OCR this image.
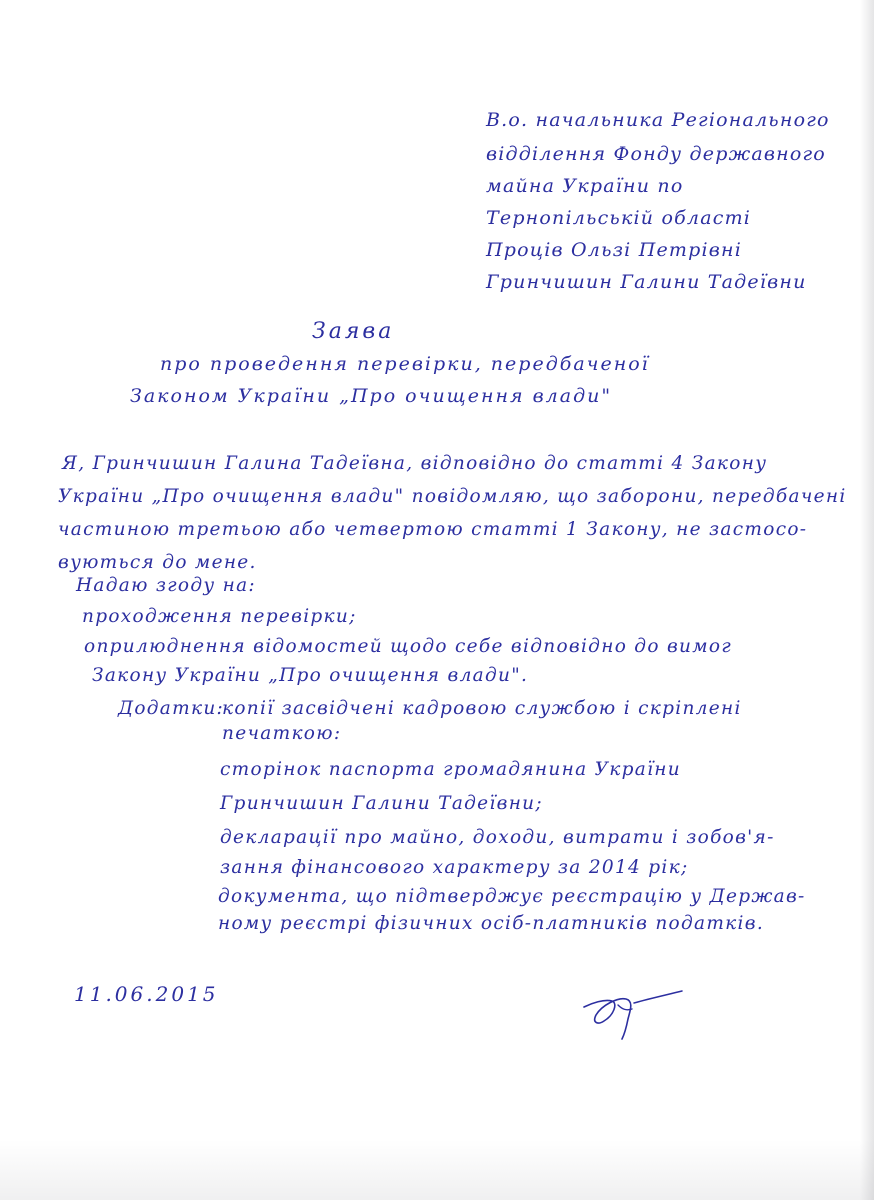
В.о. начальника Регіонального
відділення Фонду державного
майна України по
Тернопільській області
Проців Ользі Петрівні
Гринчишин Галини Тадеївни
Заява
про проведення перевірки, передбаченої
Законом України „Про очищення влади"
Я, Гринчишин Галина Тадеївна, відповідно до статті 4 Закону
України „Про очищення влади" повідомляю, що заборони, передбачені
частиною третьою або четвертою статті 1 Закону, не застосо-
вуються до мене.
Надаю згоду на:
проходження перевірки;
оприлюднення відомостей щодо себе відповідно до вимог
Закону України „Про очищення влади".
Додатки:
копії засвідчені кадровою службою і скріплені
печаткою:
сторінок паспорта громадянина України
Гринчишин Галини Тадеївни;
декларації про майно, доходи, витрати і зобов'я-
зання фінансового характеру за 2014 рік;
документа, що підтверджує реєстрацію у Держав-
ному реєстрі фізичних осіб-платників податків.
11.06.2015
